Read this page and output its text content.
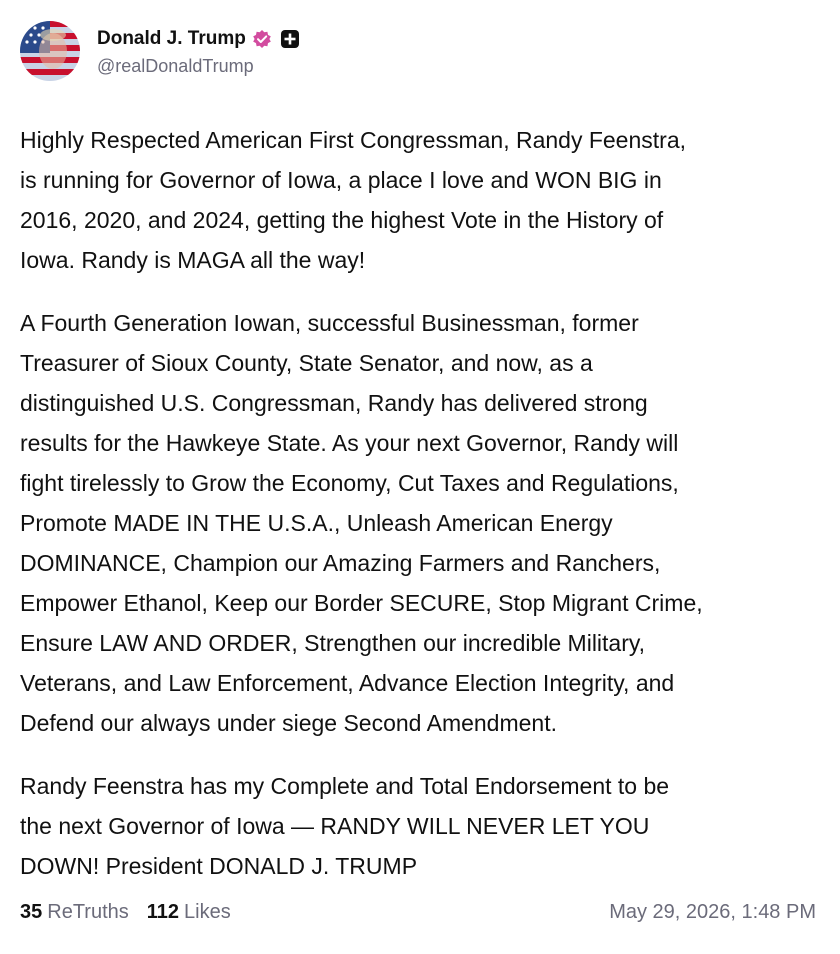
Donald J. Trump
@realDonaldTrump

Highly Respected American First Congressman, Randy Feenstra,
is running for Governor of Iowa, a place I love and WON BIG in
2016, 2020, and 2024, getting the highest Vote in the History of
Iowa. Randy is MAGA all the way!

A Fourth Generation Iowan, successful Businessman, former
Treasurer of Sioux County, State Senator, and now, as a
distinguished U.S. Congressman, Randy has delivered strong
results for the Hawkeye State. As your next Governor, Randy will
fight tirelessly to Grow the Economy, Cut Taxes and Regulations,
Promote MADE IN THE U.S.A., Unleash American Energy
DOMINANCE, Champion our Amazing Farmers and Ranchers,
Empower Ethanol, Keep our Border SECURE, Stop Migrant Crime,
Ensure LAW AND ORDER, Strengthen our incredible Military,
Veterans, and Law Enforcement, Advance Election Integrity, and
Defend our always under siege Second Amendment.

Randy Feenstra has my Complete and Total Endorsement to be
the next Governor of Iowa — RANDY WILL NEVER LET YOU
DOWN! President DONALD J. TRUMP

35 ReTruths 112 Likes	May 29, 2026, 1:48 PM
